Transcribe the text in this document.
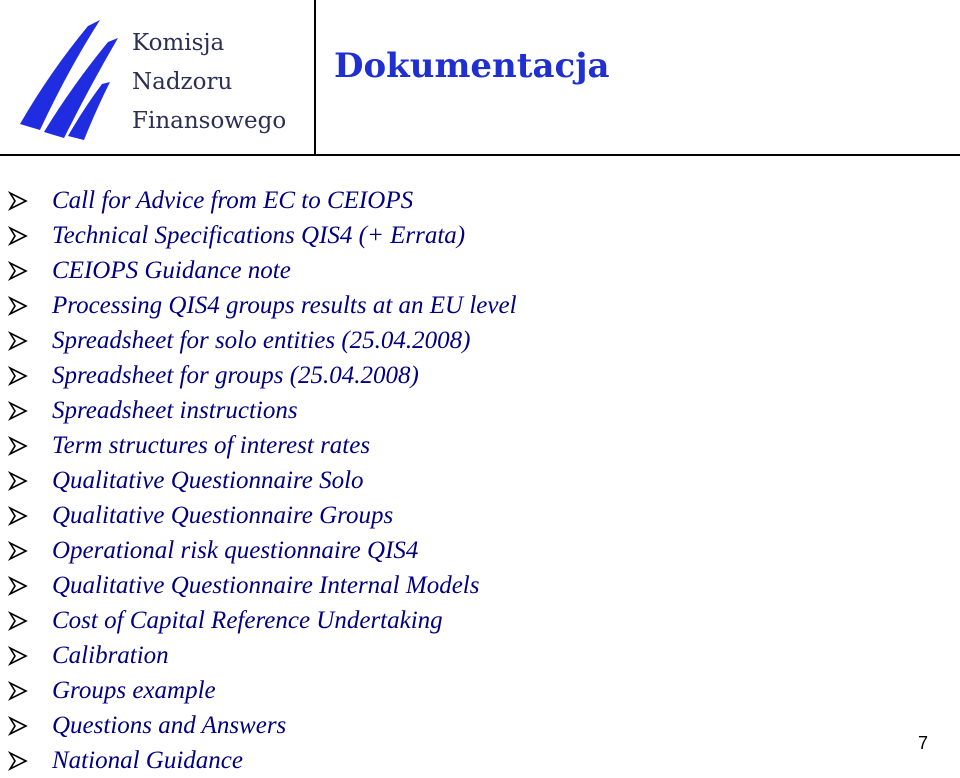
Komisja
Nadzoru
Finansowego
Dokumentacja
Call for Advice from EC to CEIOPS
Technical Specifications QIS4 (+ Errata)
CEIOPS Guidance note
Processing QIS4 groups results at an EU level
Spreadsheet for solo entities (25.04.2008)
Spreadsheet for groups (25.04.2008)
Spreadsheet instructions
Term structures of interest rates
Qualitative Questionnaire Solo
Qualitative Questionnaire Groups
Operational risk questionnaire QIS4
Qualitative Questionnaire Internal Models
Cost of Capital Reference Undertaking
Calibration
Groups example
Questions and Answers
National Guidance
7
